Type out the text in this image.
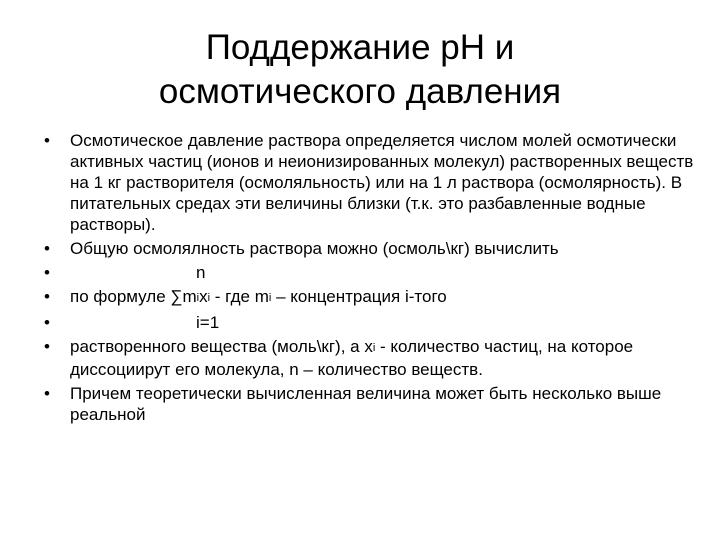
Поддержание pH и
осмотического давления
•	Осмотическое давление раствора определяется числом молей осмотически активных частиц (ионов и неионизированных молекул) растворенных веществ на 1 кг растворителя (осмоляльность) или на 1 л раствора (осмолярность). В питательных средах эти величины близки (т.к. это разбавленные водные растворы).
•	Общую осмолялность раствора можно (осмоль\кг) вычислить
•	n
•	по формуле ∑mixi - где mi – концентрация i-того
•	i=1
•	растворенного вещества (моль\кг), а xi - количество частиц, на которое диссоциирут его молекула, n – количество веществ.
•	Причем теоретически вычисленная величина может быть несколько выше реальной
